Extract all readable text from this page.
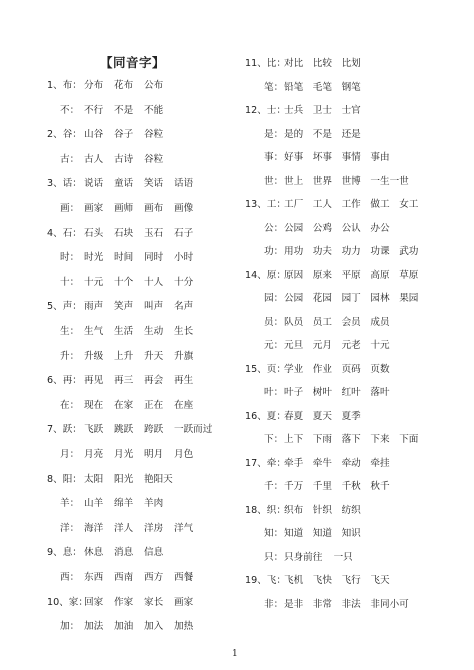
【同音字】
1、布： 分布 花布 公布
不： 不行 不是 不能
2、谷： 山谷 谷子 谷粒
古： 古人 古诗 谷粒
3、话： 说话 童话 笑话 话语
画： 画家 画师 画布 画像
4、石： 石头 石块 玉石 石子
时： 时光 时间 同时 小时
十： 十元 十个 十人 十分
5、声： 雨声 笑声 叫声 名声
生： 生气 生活 生动 生长
升： 升级 上升 升天 升旗
6、再： 再见 再三 再会 再生
在： 现在 在家 正在 在座
7、跃： 飞跃 跳跃 跨跃 一跃而过
月： 月亮 月光 明月 月色
8、阳： 太阳 阳光 艳阳天
羊： 山羊 绵羊 羊肉
洋： 海洋 洋人 洋房 洋气
9、息： 休息 消息 信息
西： 东西 西南 西方 西餐
10、家：回家 作家 家长 画家
加： 加法 加油 加入 加热
11、比：对比 比较 比划
笔：铅笔 毛笔 钢笔
12、士：士兵 卫士 士官
是：是的 不是 还是
事：好事 坏事 事情 事由
世：世上 世界 世博 一生一世
13、工：工厂 工人 工作 做工 女工
公：公园 公鸡 公认 办公
功：用功 功夫 功力 功课 武功
14、原：原因 原来 平原 高原 草原
园：公园 花园 园丁 园林 果园
员：队员 员工 会员 成员
元：元旦 元月 元老 十元
15、页：学业 作业 页码 页数
叶：叶子 树叶 红叶 落叶
16、夏：春夏 夏天 夏季
下：上下 下雨 落下 下来 下面
17、牵：牵手 牵牛 牵动 牵挂
千：千万 千里 千秋 秋千
18、织：织布 针织 纺织
知：知道 知道 知识
只：只身前往 一只
19、飞：飞机 飞快 飞行 飞天
非：是非 非常 非法 非同小可
1
